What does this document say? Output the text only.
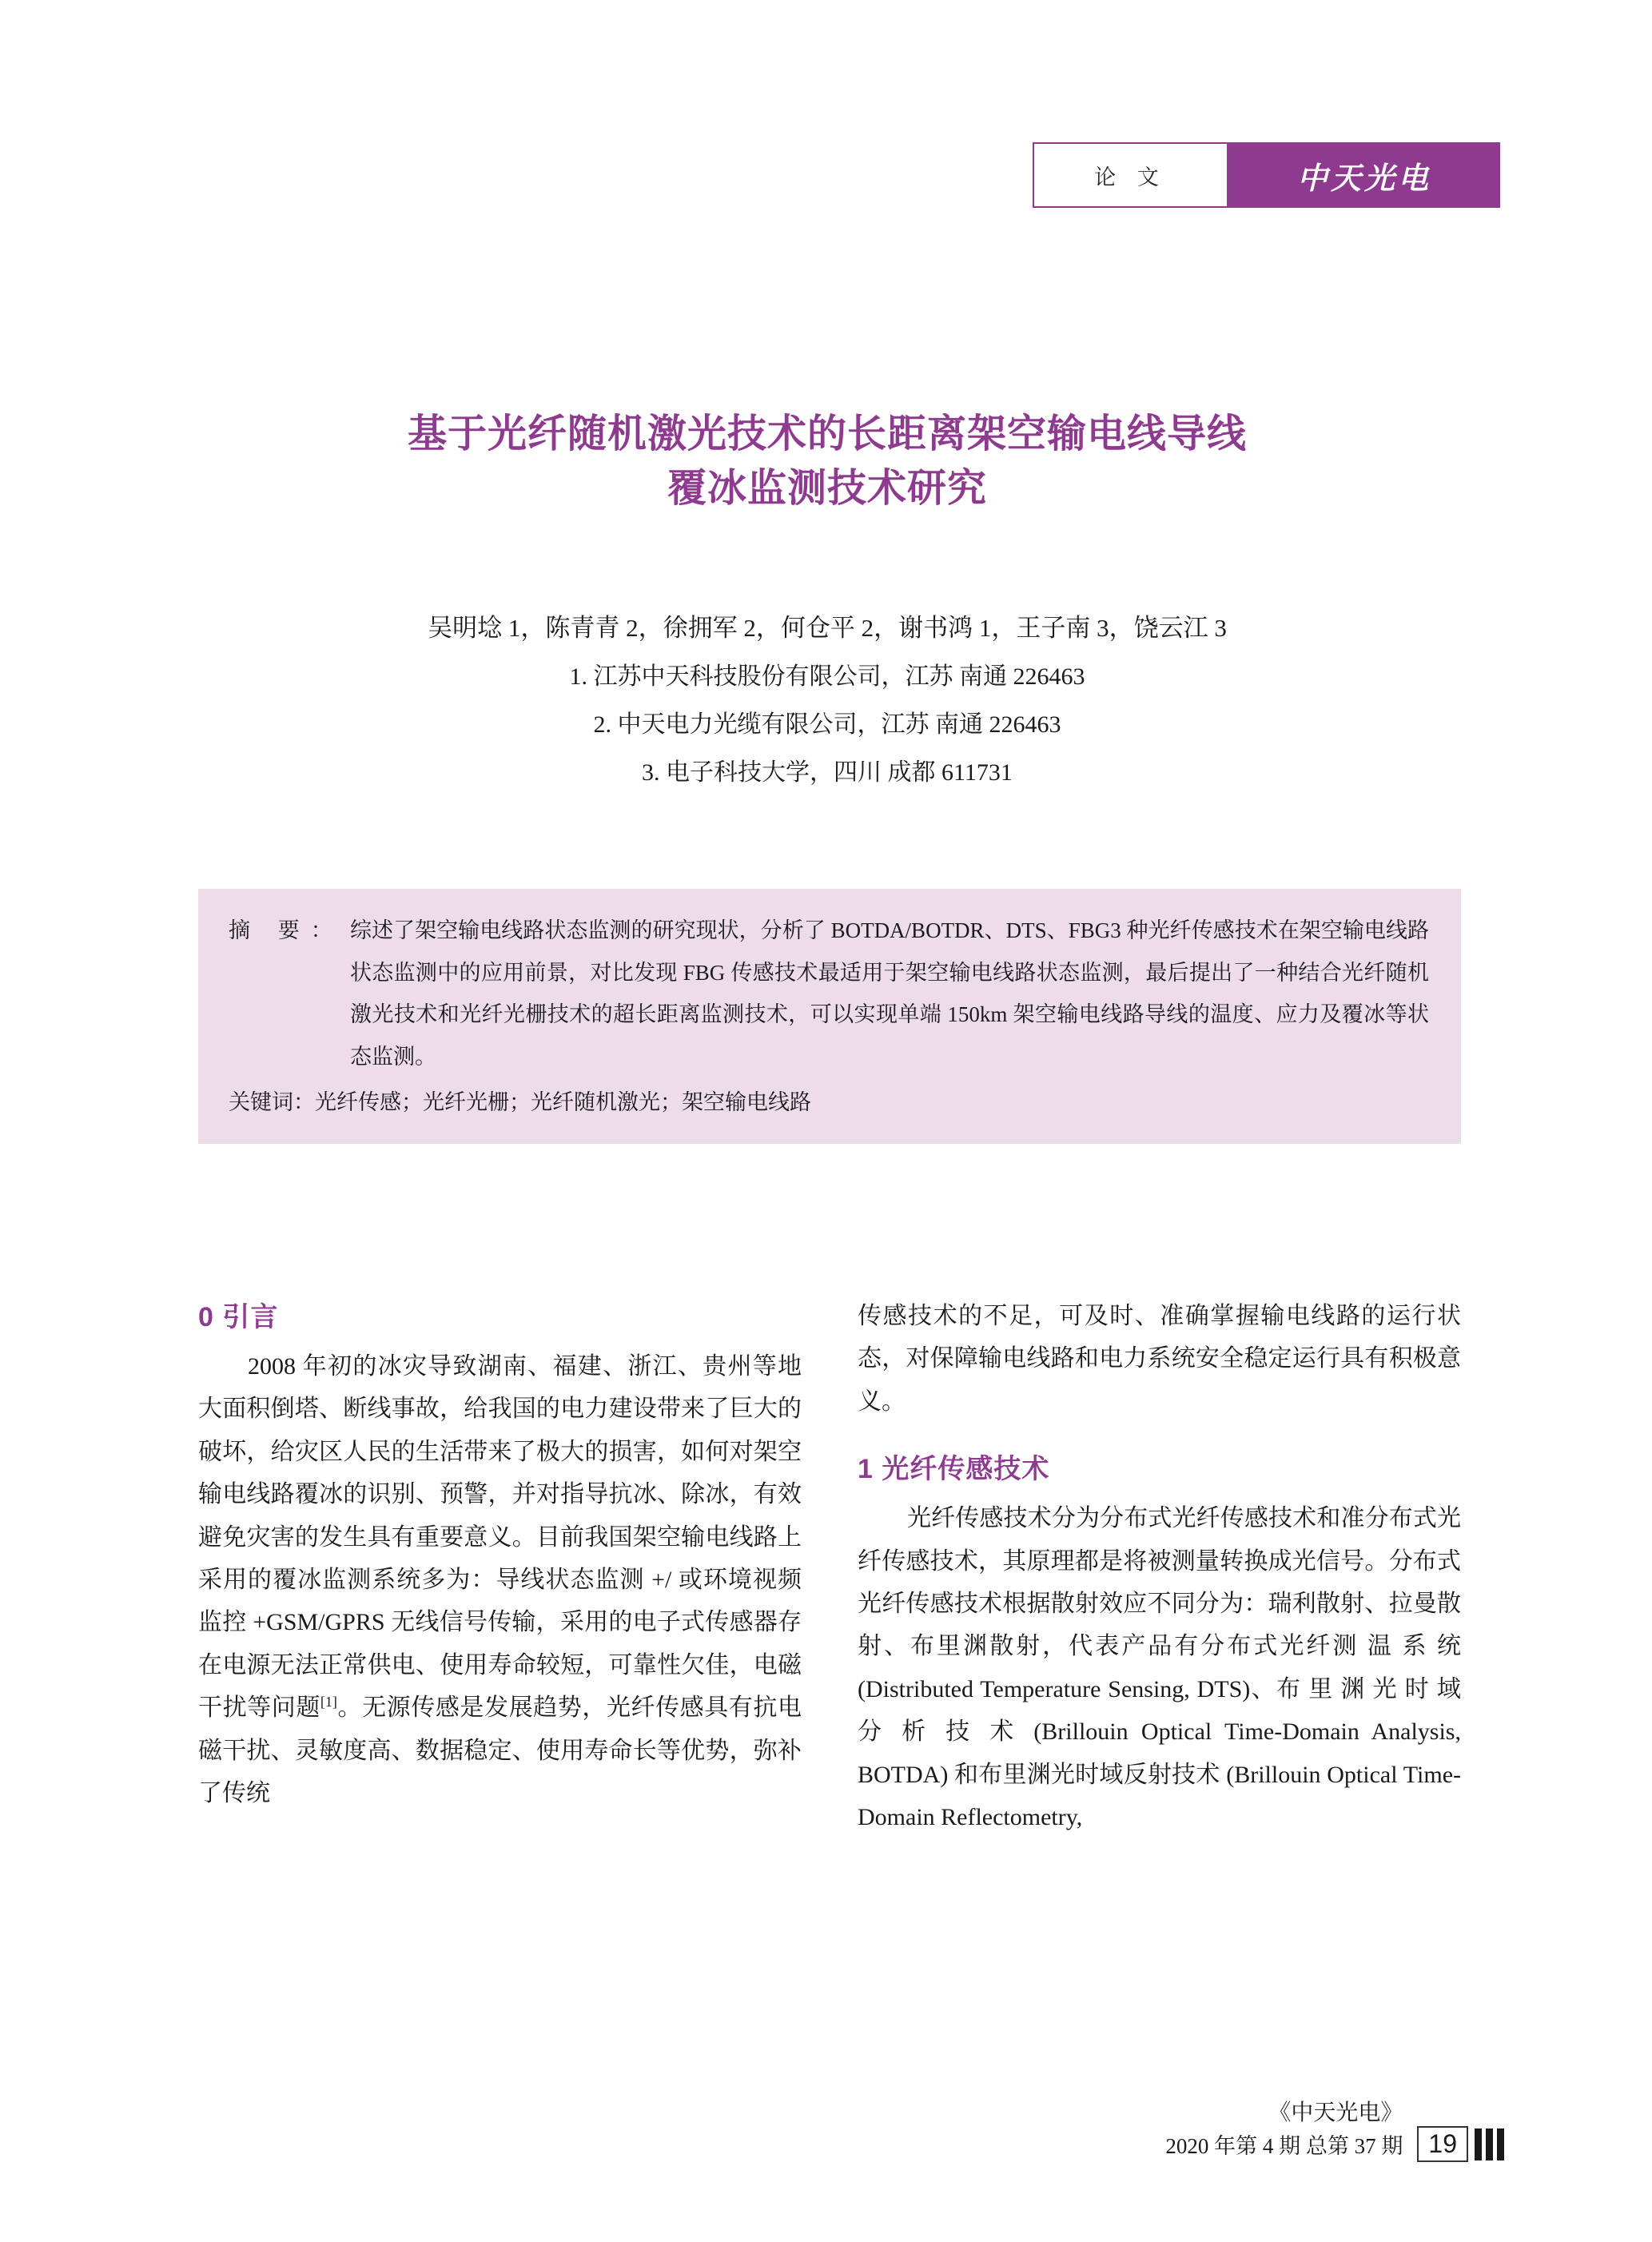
论 文	中天光电
基于光纤随机激光技术的长距离架空输电线导线
覆冰监测技术研究
吴明埝 1，陈青青 2，徐拥军 2，何仓平 2，谢书鸿 1，王子南 3，饶云江 3
1. 江苏中天科技股份有限公司，江苏 南通 226463
2. 中天电力光缆有限公司，江苏 南通 226463
3. 电子科技大学，四川 成都 611731
摘 要： 综述了架空输电线路状态监测的研究现状，分析了 BOTDA/BOTDR、DTS、FBG3 种光纤传感技术在架空输电线路状态监测中的应用前景，对比发现 FBG 传感技术最适用于架空输电线路状态监测，最后提出了一种结合光纤随机激光技术和光纤光栅技术的超长距离监测技术，可以实现单端 150km 架空输电线路导线的温度、应力及覆冰等状态监测。
关键词：光纤传感；光纤光栅；光纤随机激光；架空输电线路
0 引言

2008 年初的冰灾导致湖南、福建、浙江、贵州等地大面积倒塔、断线事故，给我国的电力建设带来了巨大的破坏，给灾区人民的生活带来了极大的损害，如何对架空输电线路覆冰的识别、预警，并对指导抗冰、除冰，有效避免灾害的发生具有重要意义。目前我国架空输电线路上采用的覆冰监测系统多为：导线状态监测 +/ 或环境视频监控 +GSM/GPRS 无线信号传输，采用的电子式传感器存在电源无法正常供电、使用寿命较短，可靠性欠佳，电磁干扰等问题[1]。无源传感是发展趋势，光纤传感具有抗电磁干扰、灵敏度高、数据稳定、使用寿命长等优势，弥补了传统

传感技术的不足，可及时、准确掌握输电线路的运行状态，对保障输电线路和电力系统安全稳定运行具有积极意义。

1 光纤传感技术

光纤传感技术分为分布式光纤传感技术和准分布式光纤传感技术，其原理都是将被测量转换成光信号。分布式光纤传感技术根据散射效应不同分为：瑞利散射、拉曼散射、布里渊散射，代表产品有分布式光纤测 温 系 统 (Distributed Temperature Sensing, DTS)、布 里 渊 光 时 域 分 析 技 术 (Brillouin Optical Time-Domain Analysis, BOTDA) 和布里渊光时域反射技术 (Brillouin Optical Time-Domain Reflectometry,

《中天光电》
2020 年第 4 期 总第 37 期	19
